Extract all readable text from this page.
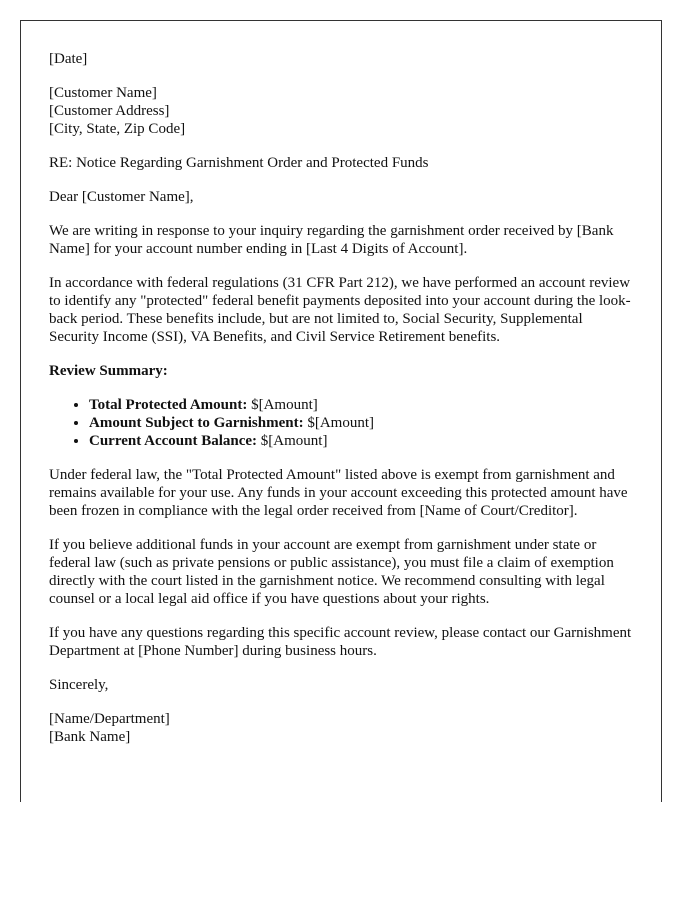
[Date]

[Customer Name]
[Customer Address]
[City, State, Zip Code]

RE: Notice Regarding Garnishment Order and Protected Funds

Dear [Customer Name],

We are writing in response to your inquiry regarding the garnishment order received by [Bank Name] for your account number ending in [Last 4 Digits of Account].

In accordance with federal regulations (31 CFR Part 212), we have performed an account review to identify any "protected" federal benefit payments deposited into your account during the look-back period. These benefits include, but are not limited to, Social Security, Supplemental Security Income (SSI), VA Benefits, and Civil Service Retirement benefits.

Review Summary:

• Total Protected Amount: $[Amount]
• Amount Subject to Garnishment: $[Amount]
• Current Account Balance: $[Amount]

Under federal law, the "Total Protected Amount" listed above is exempt from garnishment and remains available for your use. Any funds in your account exceeding this protected amount have been frozen in compliance with the legal order received from [Name of Court/Creditor].

If you believe additional funds in your account are exempt from garnishment under state or federal law (such as private pensions or public assistance), you must file a claim of exemption directly with the court listed in the garnishment notice. We recommend consulting with legal counsel or a local legal aid office if you have questions about your rights.

If you have any questions regarding this specific account review, please contact our Garnishment Department at [Phone Number] during business hours.

Sincerely,

[Name/Department]
[Bank Name]
